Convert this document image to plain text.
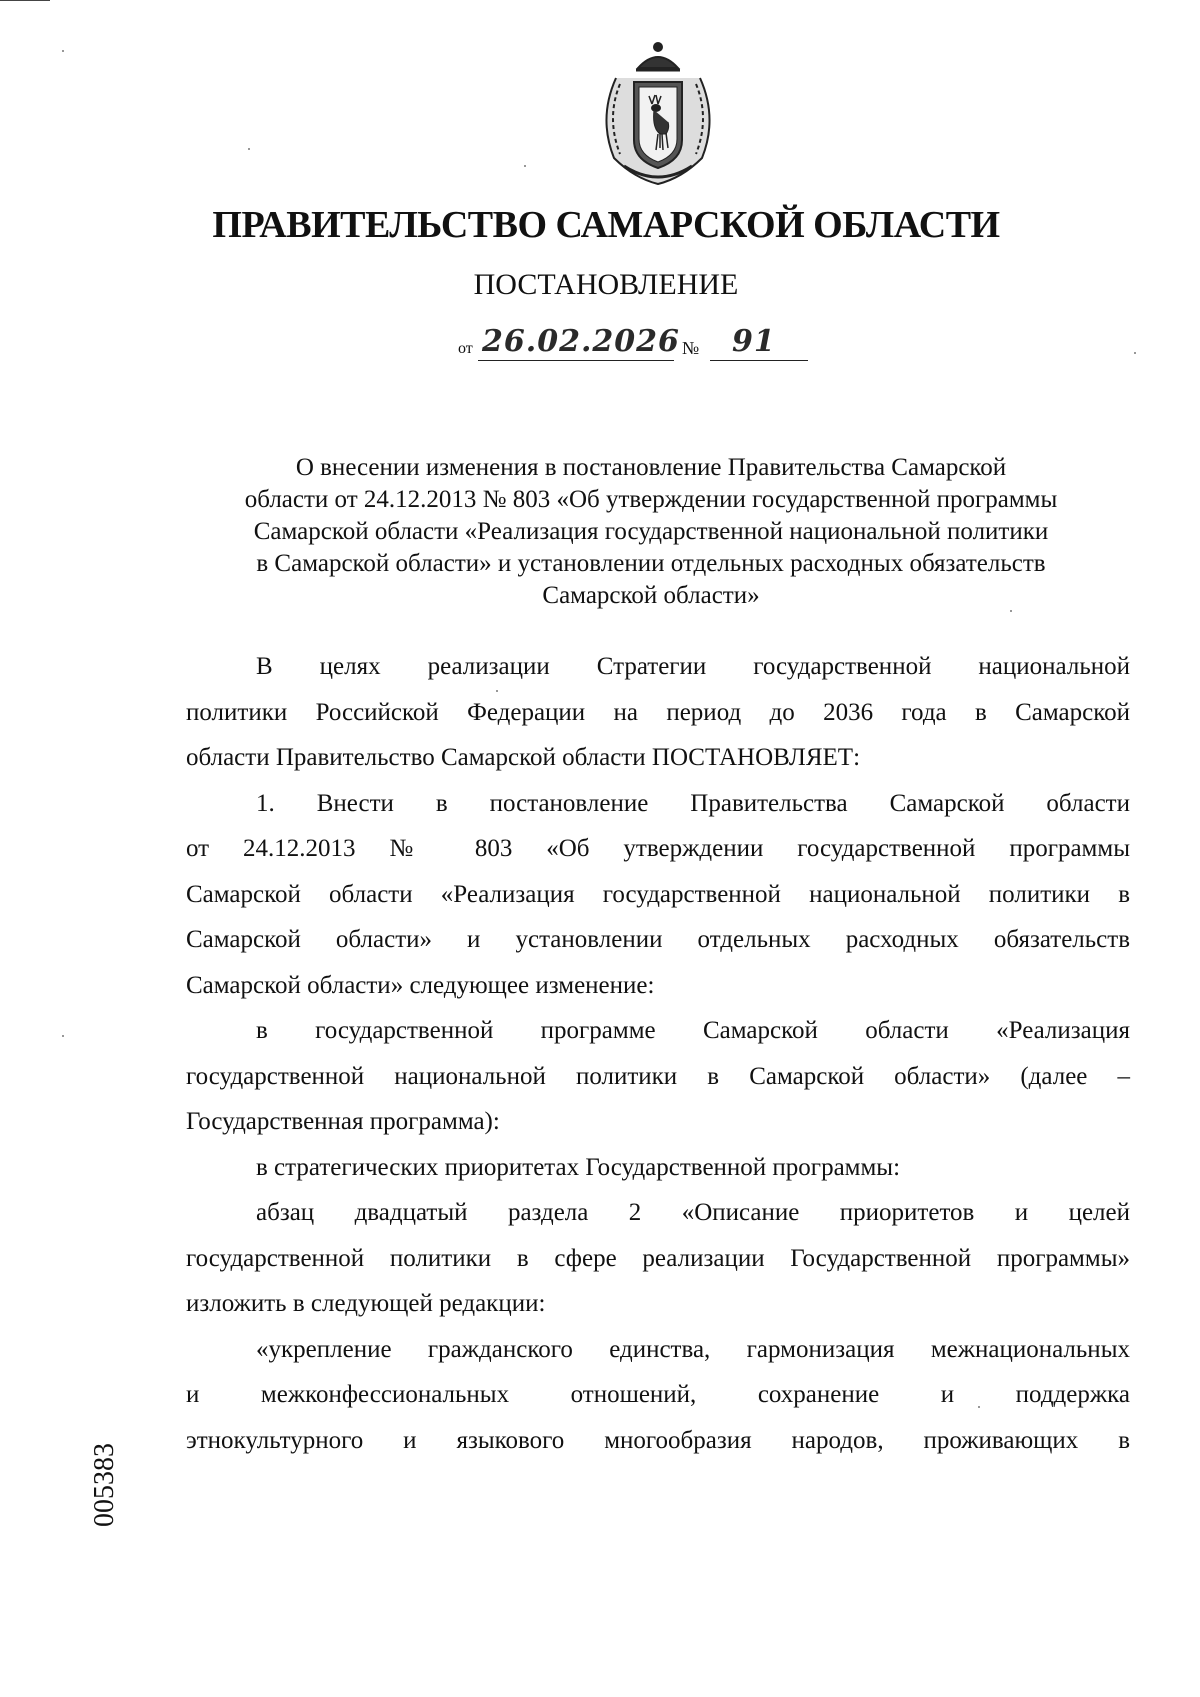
ПРАВИТЕЛЬСТВО САМАРСКОЙ ОБЛАСТИ
ПОСТАНОВЛЕНИЕ
от 26.02.2026 № 91
О внесении изменения в постановление Правительства Самарской
области от 24.12.2013 № 803 «Об утверждении государственной программы
Самарской области «Реализация государственной национальной политики
в Самарской области» и установлении отдельных расходных обязательств
Самарской области»
В целях реализации Стратегии государственной национальной
политики Российской Федерации на период до 2036 года в Самарской
области Правительство Самарской области ПОСТАНОВЛЯЕТ:
1. Внести в постановление Правительства Самарской области
от 24.12.2013 № 803 «Об утверждении государственной программы
Самарской области «Реализация государственной национальной политики в
Самарской области» и установлении отдельных расходных обязательств
Самарской области» следующее изменение:
в государственной программе Самарской области «Реализация
государственной национальной политики в Самарской области» (далее –
Государственная программа):
в стратегических приоритетах Государственной программы:
абзац двадцатый раздела 2 «Описание приоритетов и целей
государственной политики в сфере реализации Государственной программы»
изложить в следующей редакции:
«укрепление гражданского единства, гармонизация межнациональных
и межконфессиональных отношений, сохранение и поддержка
этнокультурного и языкового многообразия народов, проживающих в
005383
